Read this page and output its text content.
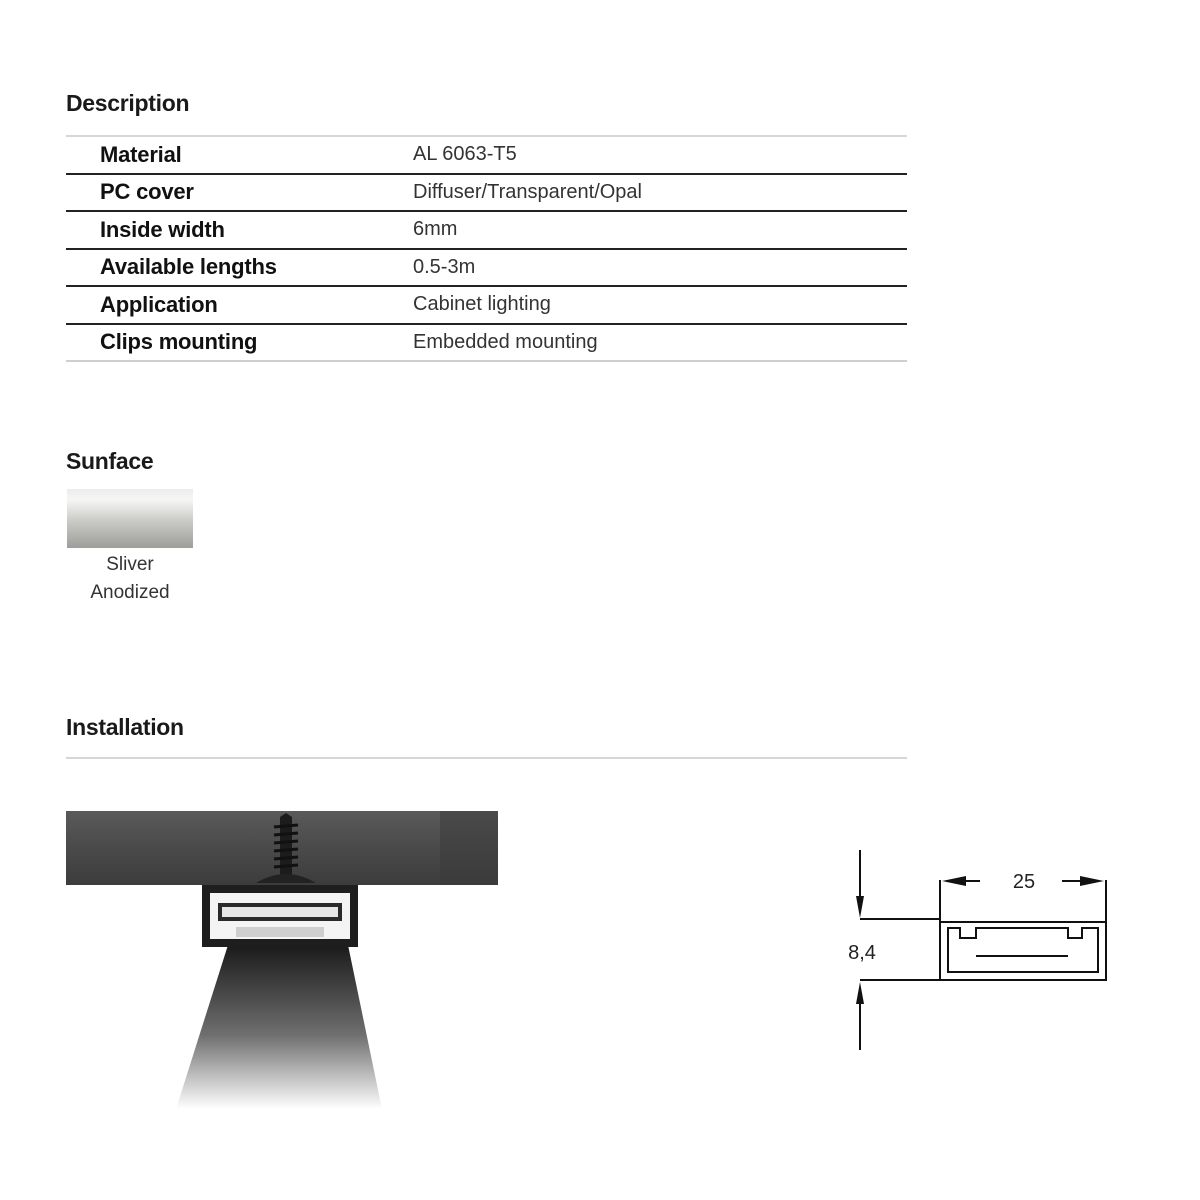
Description
Material	AL 6063-T5
PC cover	Diffuser/Transparent/Opal
Inside width	6mm
Available lengths	0.5-3m
Application	Cabinet lighting
Clips mounting	Embedded mounting
Sunface
Sliver
Anodized
Installation
25
8,4
